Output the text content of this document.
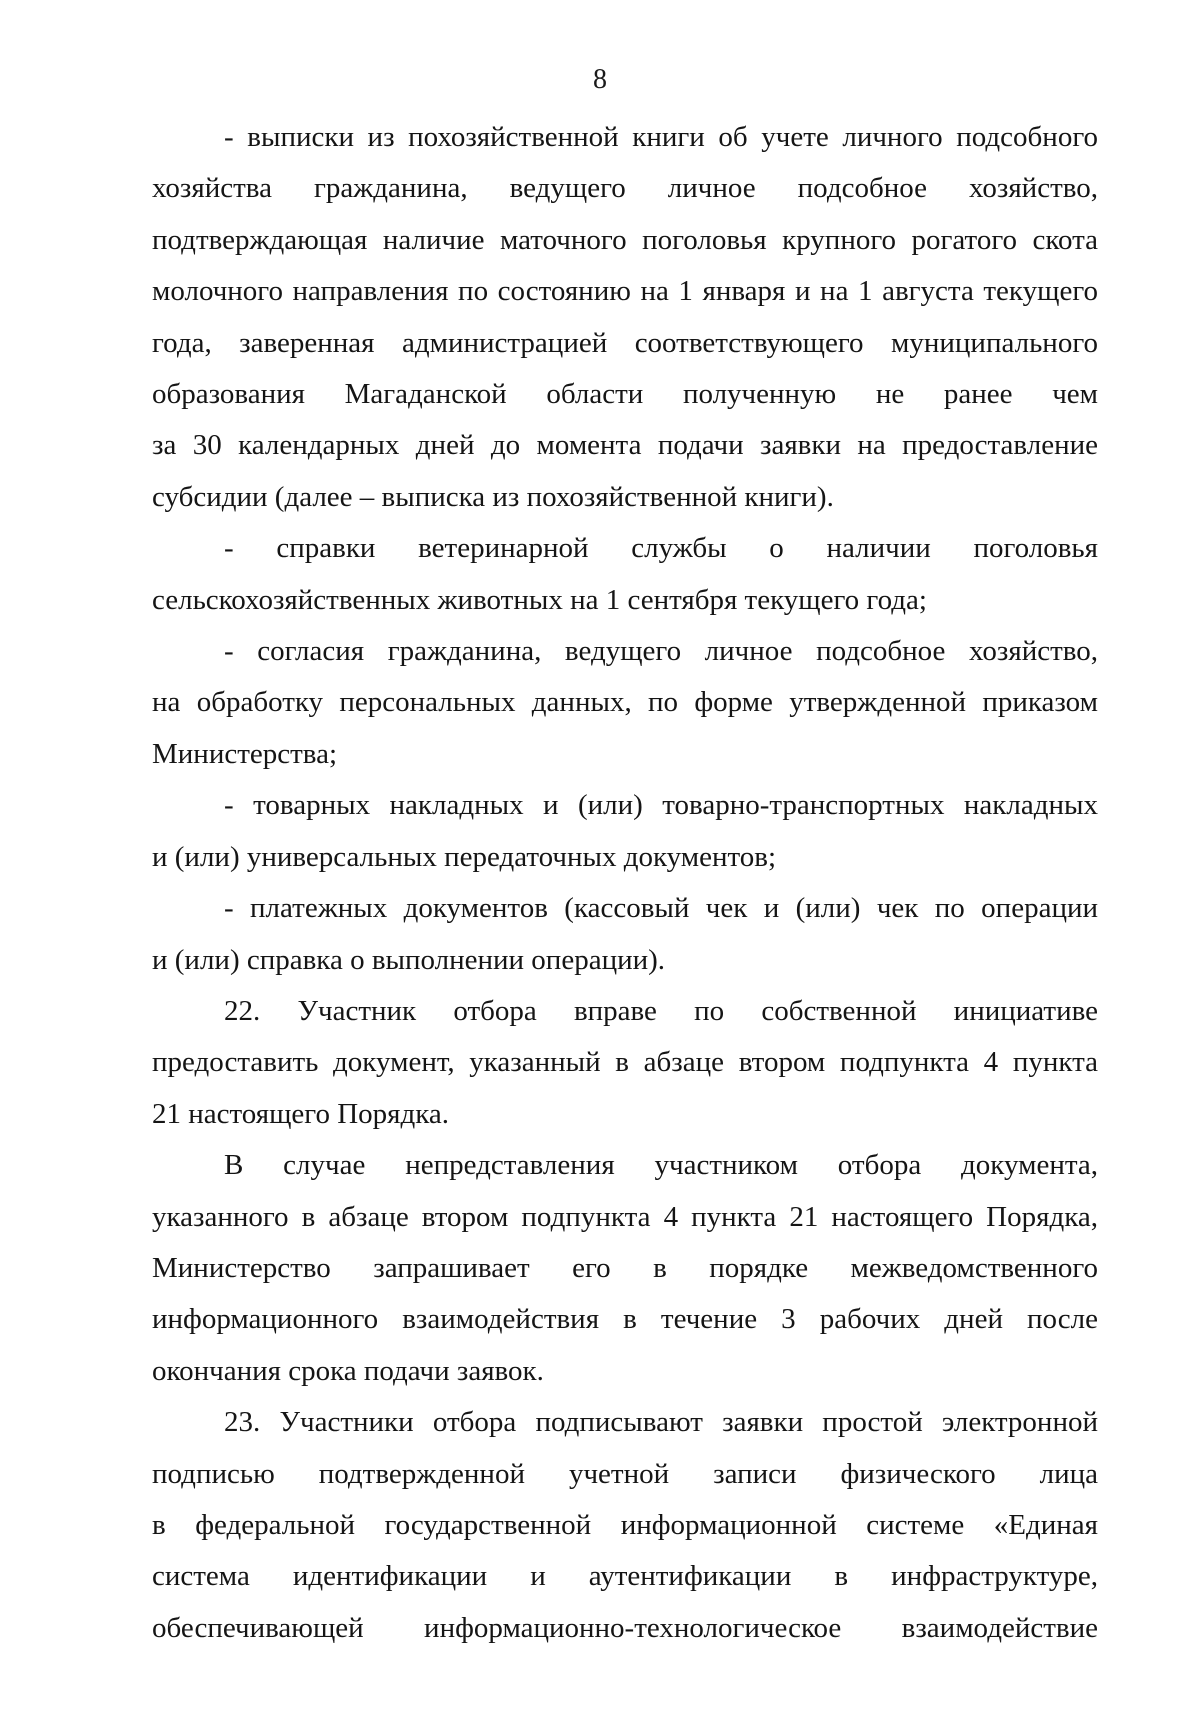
8
- выписки из похозяйственной книги об учете личного подсобного
хозяйства гражданина, ведущего личное подсобное хозяйство,
подтверждающая наличие маточного поголовья крупного рогатого скота
молочного направления по состоянию на 1 января и на 1 августа текущего
года, заверенная администрацией соответствующего муниципального
образования Магаданской области полученную не ранее чем
за 30 календарных дней до момента подачи заявки на предоставление
субсидии (далее – выписка из похозяйственной книги).
- справки ветеринарной службы о наличии поголовья
сельскохозяйственных животных на 1 сентября текущего года;
- согласия гражданина, ведущего личное подсобное хозяйство,
на обработку персональных данных, по форме утвержденной приказом
Министерства;
- товарных накладных и (или) товарно-транспортных накладных
и (или) универсальных передаточных документов;
- платежных документов (кассовый чек и (или) чек по операции
и (или) справка о выполнении операции).
22. Участник отбора вправе по собственной инициативе
предоставить документ, указанный в абзаце втором подпункта 4 пункта
21 настоящего Порядка.
В случае непредставления участником отбора документа,
указанного в абзаце втором подпункта 4 пункта 21 настоящего Порядка,
Министерство запрашивает его в порядке межведомственного
информационного взаимодействия в течение 3 рабочих дней после
окончания срока подачи заявок.
23. Участники отбора подписывают заявки простой электронной
подписью подтвержденной учетной записи физического лица
в федеральной государственной информационной системе «Единая
система идентификации и аутентификации в инфраструктуре,
обеспечивающей информационно-технологическое взаимодействие
